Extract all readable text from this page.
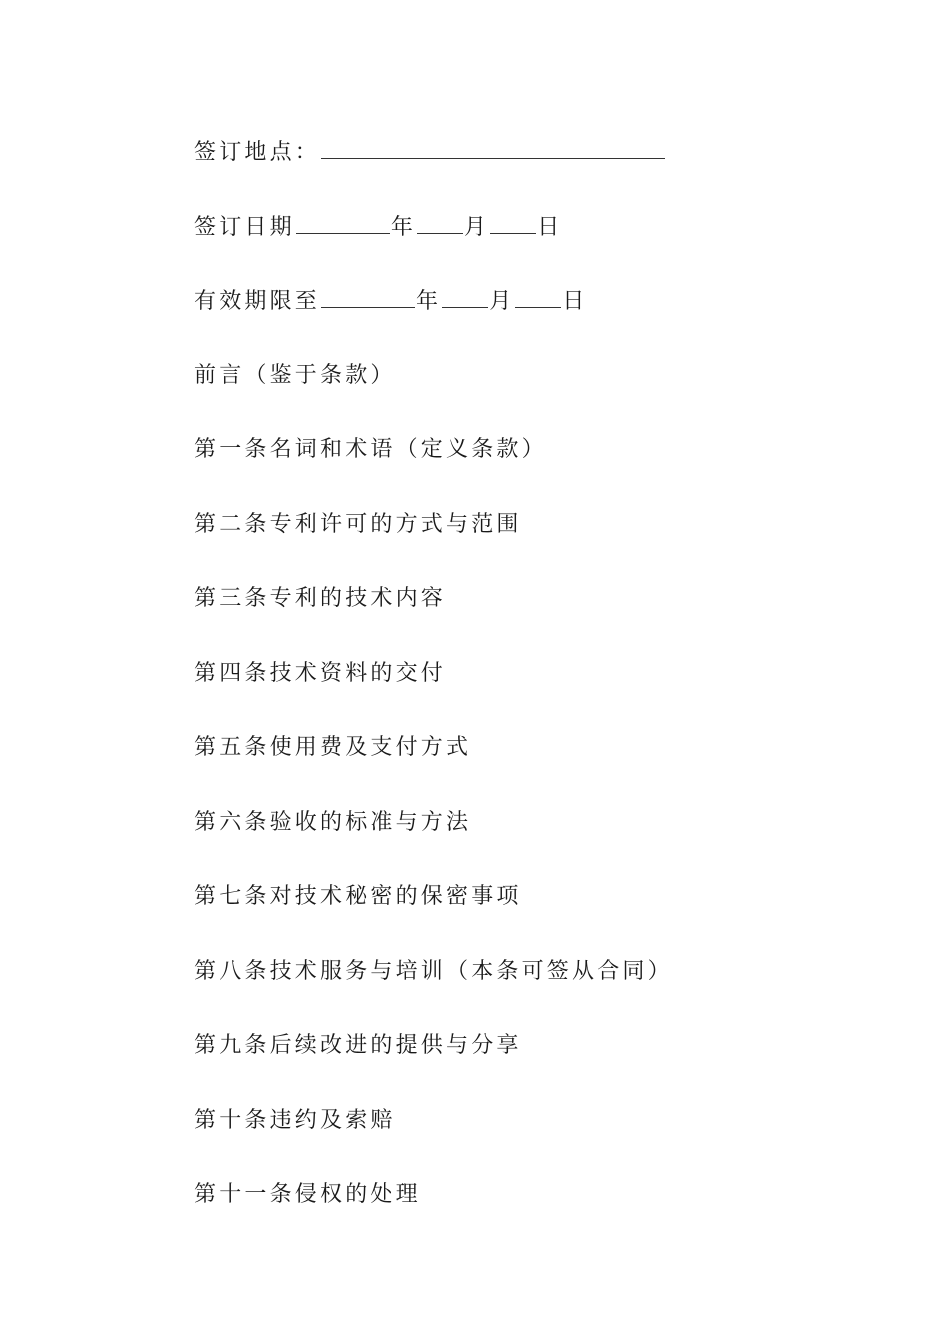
签订地点：
签订日期	年 月 日
有效期限至	年 月 日
前言（鉴于条款）
第一条名词和术语（定义条款）
第二条专利许可的方式与范围
第三条专利的技术内容
第四条技术资料的交付
第五条使用费及支付方式
第六条验收的标准与方法
第七条对技术秘密的保密事项
第八条技术服务与培训（本条可签从合同）
第九条后续改进的提供与分享
第十条违约及索赔
第十一条侵权的处理
